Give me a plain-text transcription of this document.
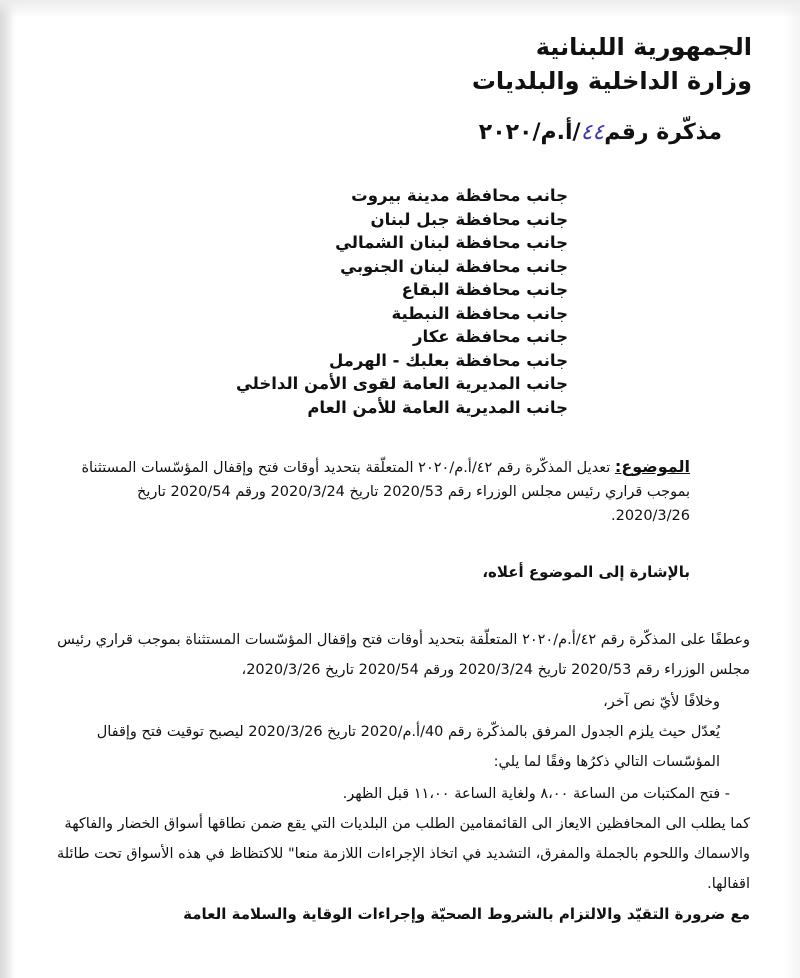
الجمهورية اللبنانية
وزارة الداخلية والبلديات
مذكّرة رقم٤٤/أ.م/٢٠٢٠
جانب محافظة مدينة بيروت
جانب محافظة جبل لبنان
جانب محافظة لبنان الشمالي
جانب محافظة لبنان الجنوبي
جانب محافظة البقاع
جانب محافظة النبطية
جانب محافظة عكار
جانب محافظة بعلبك - الهرمل
جانب المديرية العامة لقوى الأمن الداخلي
جانب المديرية العامة للأمن العام
الموضوع: تعديل المذكّرة رقم ٤٢/أ.م/٢٠٢٠ المتعلّقة بتحديد أوقات فتح وإقفال المؤسّسات المستثناة بموجب قراري رئيس مجلس الوزراء رقم 2020/53 تاريخ 2020/3/24 ورقم 2020/54 تاريخ 2020/3/26.
بالإشارة إلى الموضوع أعلاه،

وعطفًا على المذكّرة رقم ٤٢/أ.م/٢٠٢٠ المتعلّقة بتحديد أوقات فتح وإقفال المؤسّسات المستثناة بموجب قراري رئيس مجلس الوزراء رقم 2020/53 تاريخ 2020/3/24 ورقم 2020/54 تاريخ 2020/3/26،

وخلافًا لأيّ نص آخر،

يُعدّل حيث يلزم الجدول المرفق بالمذكّرة رقم 40/أ.م/2020 تاريخ 2020/3/26 ليصبح توقيت فتح وإقفال المؤسّسات التالي ذكرُها وفقًا لما يلي:

- فتح المكتبات من الساعة ٨،٠٠ ولغاية الساعة ١١،٠٠ قبل الظهر.

كما يطلب الى المحافظين الايعاز الى القائمقامين الطلب من البلديات التي يقع ضمن نطاقها أسواق الخضار والفاكهة والاسماك واللحوم بالجملة والمفرق، التشديد في اتخاذ الإجراءات اللازمة منعا" للاكتظاظ في هذه الأسواق تحت طائلة اقفالها.

مع ضرورة التقيّد والالتزام بالشروط الصحيّة وإجراءات الوقاية والسلامة العامة
